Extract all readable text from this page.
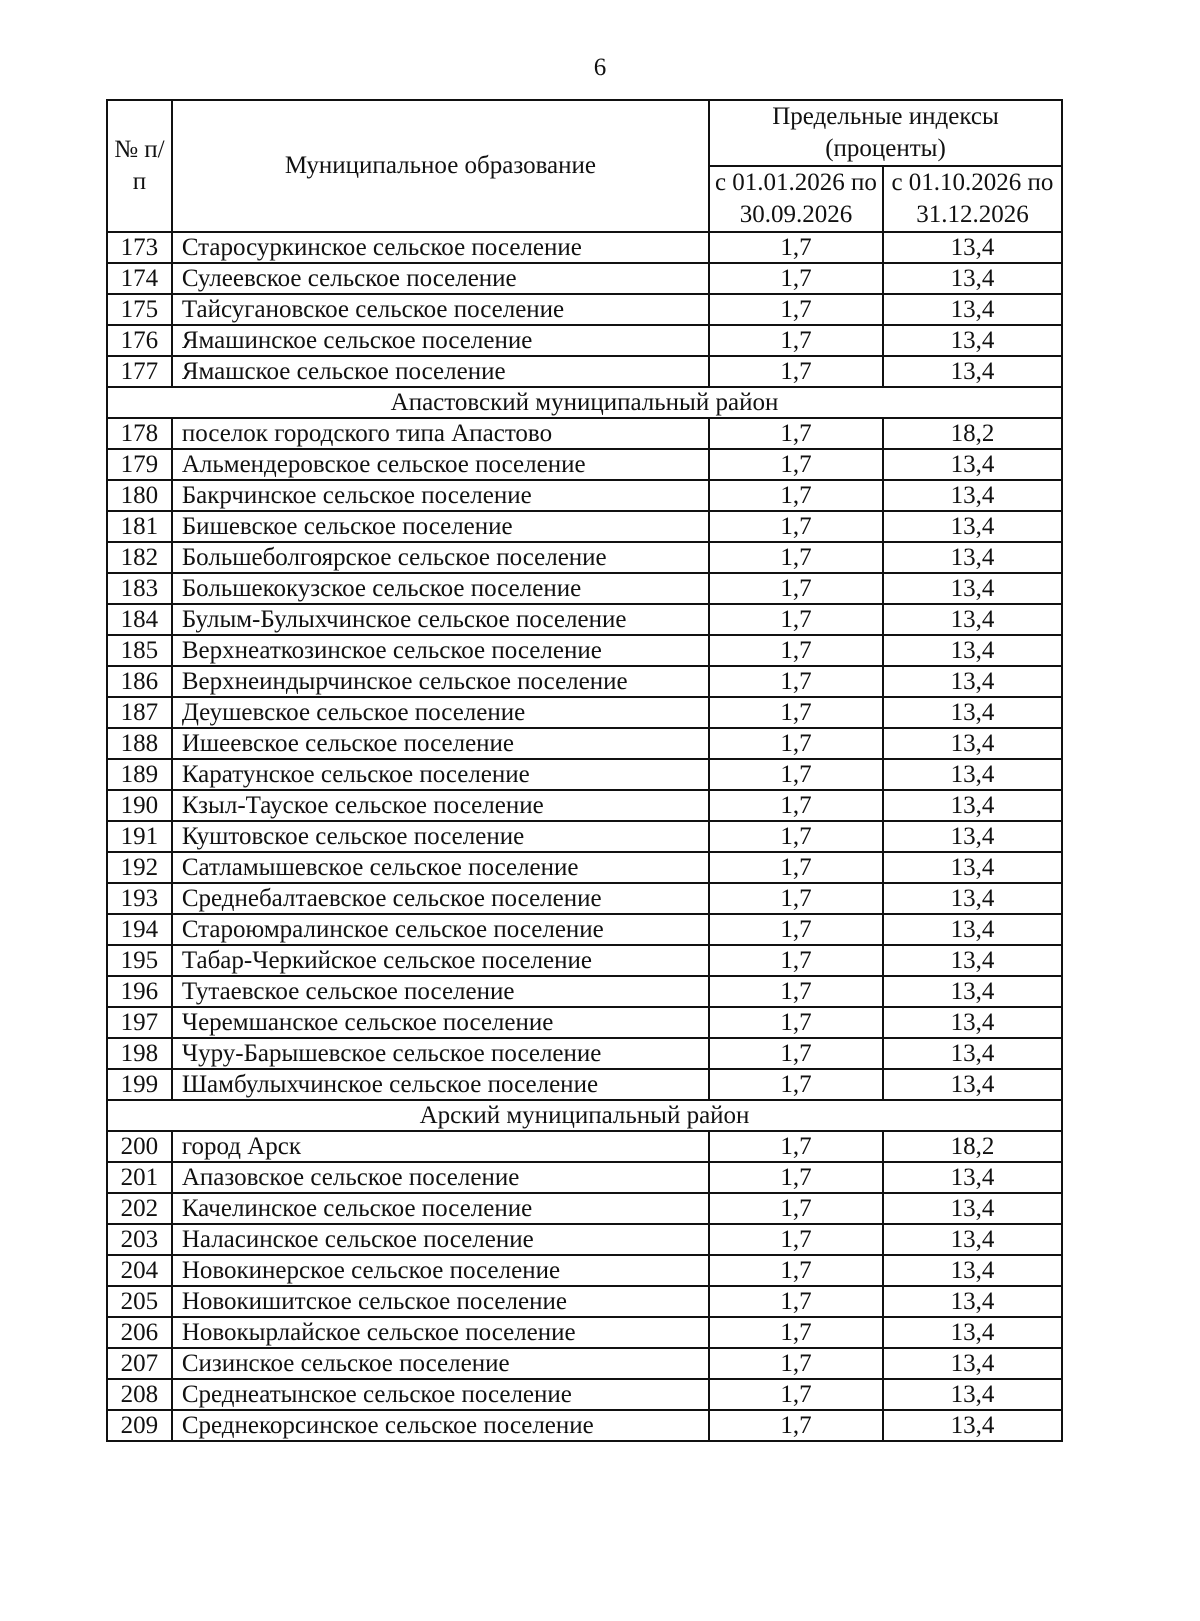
6
№ п/п	Муниципальное образование	Предельные индексы (проценты)	
		с 01.01.2026 по 30.09.2026	с 01.10.2026 по 31.12.2026
173	Старосуркинское сельское поселение	1,7	13,4
174	Сулеевское сельское поселение	1,7	13,4
175	Тайсугановское сельское поселение	1,7	13,4
176	Ямашинское сельское поселение	1,7	13,4
177	Ямашское сельское поселение	1,7	13,4
Апастовский муниципальный район			
178	поселок городского типа Апастово	1,7	18,2
179	Альмендеровское сельское поселение	1,7	13,4
180	Бакрчинское сельское поселение	1,7	13,4
181	Бишевское сельское поселение	1,7	13,4
182	Большеболгоярское сельское поселение	1,7	13,4
183	Большекокузское сельское поселение	1,7	13,4
184	Булым-Булыхчинское сельское поселение	1,7	13,4
185	Верхнеаткозинское сельское поселение	1,7	13,4
186	Верхнеиндырчинское сельское поселение	1,7	13,4
187	Деушевское сельское поселение	1,7	13,4
188	Ишеевское сельское поселение	1,7	13,4
189	Каратунское сельское поселение	1,7	13,4
190	Кзыл-Тауское сельское поселение	1,7	13,4
191	Куштовское сельское поселение	1,7	13,4
192	Сатламышевское сельское поселение	1,7	13,4
193	Среднебалтаевское сельское поселение	1,7	13,4
194	Староюмралинское сельское поселение	1,7	13,4
195	Табар-Черкийское сельское поселение	1,7	13,4
196	Тутаевское сельское поселение	1,7	13,4
197	Черемшанское сельское поселение	1,7	13,4
198	Чуру-Барышевское сельское поселение	1,7	13,4
199	Шамбулыхчинское сельское поселение	1,7	13,4
Арский муниципальный район			
200	город Арск	1,7	18,2
201	Апазовское сельское поселение	1,7	13,4
202	Качелинское сельское поселение	1,7	13,4
203	Наласинское сельское поселение	1,7	13,4
204	Новокинерское сельское поселение	1,7	13,4
205	Новокишитское сельское поселение	1,7	13,4
206	Новокырлайское сельское поселение	1,7	13,4
207	Сизинское сельское поселение	1,7	13,4
208	Среднеатынское сельское поселение	1,7	13,4
209	Среднекорсинское сельское поселение	1,7	13,4
